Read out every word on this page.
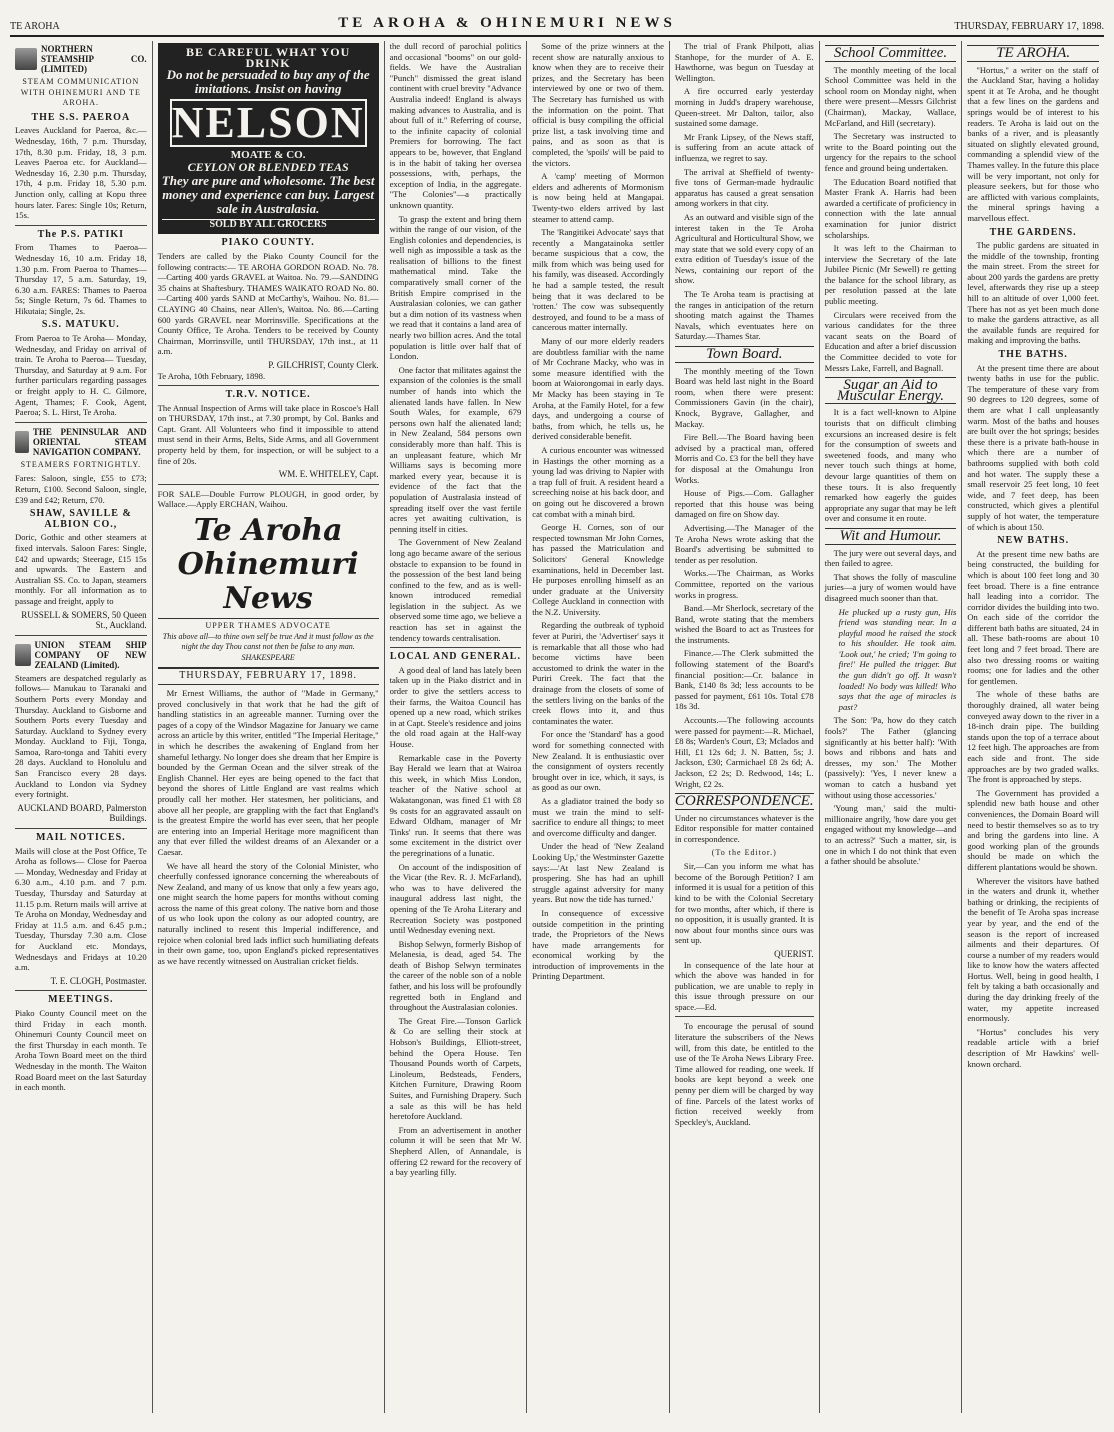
TE AROHA	TE AROHA & OHINEMURI NEWS	THURSDAY, FEBRUARY 17, 1898.
NORTHERN STEAMSHIP CO. (LIMITED)
STEAM COMMUNICATION WITH OHINEMURI AND TE AROHA.
THE S.S. PAEROA

Leaves Auckland for Paeroa, &c.— Wednesday, 16th, 7 p.m. Thursday, 17th, 8.30 p.m. Friday, 18, 3 p.m. Leaves Paeroa etc. for Auckland— Wednesday 16, 2.30 p.m. Thursday, 17th, 4 p.m. Friday 18, 5.30 p.m. Junction only, calling at Kopu three hours later. Fares: Single 10s; Return, 15s.

The P.S. PATIKI

From Thames to Paeroa— Wednesday 16, 10 a.m. Friday 18, 1.30 p.m. From Paeroa to Thames— Thursday 17, 5 a.m. Saturday, 19, 6.30 a.m. FARES: Thames to Paeroa 5s; Single Return, 7s 6d. Thames to Hikutaia; Single, 2s.

S.S. MATUKU.

From Paeroa to Te Aroha— Monday, Wednesday, and Friday on arrival of train. Te Aroha to Paeroa— Tuesday, Thursday, and Saturday at 9 a.m. For further particulars regarding passages or freight apply to H. C. Gilmore, Agent, Thames; F. Cook, Agent, Paeroa; S. L. Hirst, Te Aroha.

THE PENINSULAR AND ORIENTAL STEAM NAVIGATION COMPANY.
STEAMERS FORTNIGHTLY.

Fares: Saloon, single, £55 to £73; Return, £100. Second Saloon, single, £39 and £42; Return, £70.

SHAW, SAVILLE & ALBION CO.,

Doric, Gothic and other steamers at fixed intervals. Saloon Fares: Single, £42 and upwards; Steerage, £15 15s and upwards. The Eastern and Australian SS. Co. to Japan, steamers monthly. For all information as to passage and freight, apply to

RUSSELL & SOMERS, 50 Queen St., Auckland.
UNION STEAM SHIP COMPANY OF NEW ZEALAND (Limited).

Steamers are despatched regularly as follows— Manukau to Taranaki and Southern Ports every Monday and Thursday. Auckland to Gisborne and Southern Ports every Tuesday and Saturday. Auckland to Sydney every Monday. Auckland to Fiji, Tonga, Samoa, Raro-tonga and Tahiti every 28 days. Auckland to Honolulu and San Francisco every 28 days. Auckland to London via Sydney every fortnight.

AUCKLAND BOARD, Palmerston Buildings.
MAIL NOTICES.

Mails will close at the Post Office, Te Aroha as follows— Close for Paeroa— Monday, Wednesday and Friday at 6.30 a.m., 4.10 p.m. and 7 p.m. Tuesday, Thursday and Saturday at 11.15 p.m. Return mails will arrive at Te Aroha on Monday, Wednesday and Friday at 11.5 a.m. and 6.45 p.m.; Tuesday, Thursday 7.30 a.m. Close for Auckland etc. Mondays, Wednesdays and Fridays at 10.20 a.m.

T. E. CLOGH, Postmaster.
MEETINGS.

Piako County Council meet on the third Friday in each month. Ohinemuri County Council meet on the first Thursday in each month. Te Aroha Town Board meet on the third Wednesday in the month. The Waiton Road Board meet on the last Saturday in each month.

BE CAREFUL WHAT YOU DRINK
Do not be persuaded to buy any of the imitations. Insist on having
NELSON
MOATE & CO.
CEYLON OR BLENDED TEAS
They are pure and wholesome. The best money and experience can buy. Largest sale in Australasia.
SOLD BY ALL GROCERS
PIAKO COUNTY.

Tenders are called by the Piako County Council for the following contracts:— TE AROHA GORDON ROAD. No. 78.—Carting 400 yards GRAVEL at Waitoa. No. 79.—SANDING 35 chains at Shaftesbury. THAMES WAIKATO ROAD No. 80.—Carting 400 yards SAND at McCarthy's, Waihou. No. 81.—CLAYING 40 Chains, near Allen's, Waitoa. No. 86.—Carting 600 yards GRAVEL near Morrinsville. Specifications at the County Office, Te Aroha. Tenders to be received by County Chairman, Morrinsville, until THURSDAY, 17th inst., at 11 a.m.

P. GILCHRIST, County Clerk.

Te Aroha, 10th February, 1898.

T.R.V. NOTICE.

The Annual Inspection of Arms will take place in Roscoe's Hall on THURSDAY, 17th inst., at 7.30 prompt, by Col. Banks and Capt. Grant. All Volunteers who find it impossible to attend must send in their Arms, Belts, Side Arms, and all Government property held by them, for inspection, or will be subject to a fine of 20s.

WM. E. WHITELEY, Capt.

FOR SALE—Double Furrow PLOUGH, in good order, by Wallace.—Apply ERCHAN, Waihou.

Te Aroha
Ohinemuri News
UPPER THAMES ADVOCATE
This above all—to thine own self be true And it must follow as the night the day Thou canst not then be false to any man. SHAKESPEARE
THURSDAY, FEBRUARY 17, 1898.

Mr Ernest Williams, the author of "Made in Germany," proved conclusively in that work that he had the gift of handling statistics in an agreeable manner. Turning over the pages of a copy of the Windsor Magazine for January we came across an article by this writer, entitled "The Imperial Heritage," in which he describes the awakening of England from her shameful lethargy. No longer does she dream that her Empire is bounded by the German Ocean and the silver streak of the English Channel. Her eyes are being opened to the fact that beyond the shores of Little England are vast realms which proudly call her mother. Her statesmen, her politicians, and above all her people, are grappling with the fact that England's is the greatest Empire the world has ever seen, that her people are entering into an Imperial Heritage more magnificent than any that ever filled the wildest dreams of an Alexander or a Caesar.

We have all heard the story of the Colonial Minister, who cheerfully confessed ignorance concerning the whereabouts of New Zealand, and many of us know that only a few years ago, one might search the home papers for months without coming across the name of this great colony. The native born and those of us who look upon the colony as our adopted country, are naturally inclined to resent this Imperial indifference, and rejoice when colonial bred lads inflict such humiliating defeats in their own game, too, upon England's picked representatives as we have recently witnessed on Australian cricket fields.

the dull record of parochial politics and occasional "booms" on our gold-fields. We have the Australian "Punch" dismissed the great island continent with cruel brevity "Advance Australia indeed! England is always making advances to Australia, and is about full of it." Referring of course, to the infinite capacity of colonial Premiers for borrowing. The fact appears to be, however, that England is in the habit of taking her oversea possessions, with, perhaps, the exception of India, in the aggregate. "The Colonies"—a practically unknown quantity.

To grasp the extent and bring them within the range of our vision, of the English colonies and dependencies, is well nigh as impossible a task as the realisation of billions to the finest mathematical mind. Take the comparatively small corner of the British Empire comprised in the Australasian colonies, we can gather but a dim notion of its vastness when we read that it contains a land area of nearly two billion acres. And the total population is little over half that of London.

One factor that militates against the expansion of the colonies is the small number of hands into which the alienated lands have fallen. In New South Wales, for example, 679 persons own half the alienated land; in New Zealand, 584 persons own considerably more than half. This is an unpleasant feature, which Mr Williams says is becoming more marked every year, because it is evidence of the fact that the population of Australasia instead of spreading itself over the vast fertile acres yet awaiting cultivation, is penning itself in cities.

The Government of New Zealand long ago became aware of the serious obstacle to expansion to be found in the possession of the best land being confined to the few, and as is well-known introduced remedial legislation in the subject. As we observed some time ago, we believe a reaction has set in against the tendency towards centralisation.

LOCAL AND GENERAL.

A good deal of land has lately been taken up in the Piako district and in order to give the settlers access to their farms, the Waitoa Council has opened up a new road, which strikes in at Capt. Steele's residence and joins the old road again at the Half-way House.

Remarkable case in the Poverty Bay Herald we learn that at Wairoa this week, in which Miss London, teacher of the Native school at Wakatangonan, was fined £1 with £8 9s costs for an aggravated assault on Edward Oldham, manager of Mr Tinks' run. It seems that there was some excitement in the district over the peregrinations of a lunatic.

On account of the indisposition of the Vicar (the Rev. R. J. McFarland), who was to have delivered the inaugural address last night, the opening of the Te Aroha Literary and Recreation Society was postponed until Wednesday evening next.

Bishop Selwyn, formerly Bishop of Melanesia, is dead, aged 54. The death of Bishop Selwyn terminates the career of the noble son of a noble father, and his loss will be profoundly regretted both in England and throughout the Australasian colonies.

The Great Fire.—Tonson Garlick & Co are selling their stock at Hobson's Buildings, Elliott-street, behind the Opera House. Ten Thousand Pounds worth of Carpets, Linoleum, Bedsteads, Fenders, Kitchen Furniture, Drawing Room Suites, and Furnishing Drapery. Such a sale as this will be has held heretofore Auckland.

From an advertisement in another column it will be seen that Mr W. Shepherd Allen, of Annandale, is offering £2 reward for the recovery of a bay yearling filly.

Some of the prize winners at the recent show are naturally anxious to know when they are to receive their prizes, and the Secretary has been interviewed by one or two of them. The Secretary has furnished us with the information on the point. That official is busy compiling the official prize list, a task involving time and pains, and as soon as that is completed, the 'spoils' will be paid to the victors.

A 'camp' meeting of Mormon elders and adherents of Mormonism is now being held at Mangapai. Twenty-two elders arrived by last steamer to attend camp.

The 'Rangitikei Advocate' says that recently a Mangatainoka settler became suspicious that a cow, the milk from which was being used for his family, was diseased. Accordingly he had a sample tested, the result being that it was declared to be 'rotten.' The cow was subsequently destroyed, and found to be a mass of cancerous matter internally.

Many of our more elderly readers are doubtless familiar with the name of Mr Cochrane Macky, who was in some measure identified with the boom at Waiorongomai in early days. Mr Macky has been staying in Te Aroha, at the Family Hotel, for a few days, and undergoing a course of baths, from which, he tells us, he derived considerable benefit.

A curious encounter was witnessed in Hastings the other morning as a young lad was driving to Napier with a trap full of fruit. A resident heard a screeching noise at his back door, and on going out he discovered a brown cat combat with a minah bird.

George H. Cornes, son of our respected townsman Mr John Cornes, has passed the Matriculation and Solicitors' General Knowledge examinations, held in December last. He purposes enrolling himself as an under graduate at the University College Auckland in connection with the N.Z. University.

Regarding the outbreak of typhoid fever at Puriri, the 'Advertiser' says it is remarkable that all those who had become victims have been accustomed to drink the water in the Puriri Creek. The fact that the drainage from the closets of some of the settlers living on the banks of the creek flows into it, and thus contaminates the water.

For once the 'Standard' has a good word for something connected with New Zealand. It is enthusiastic over the consignment of oysters recently brought over in ice, which, it says, is as good as our own.

As a gladiator trained the body so must we train the mind to self-sacrifice to endure all things; to meet and overcome difficulty and danger.

Under the head of 'New Zealand Looking Up,' the Westminster Gazette says:—'At last New Zealand is prospering. She has had an uphill struggle against adversity for many years. But now the tide has turned.'

In consequence of excessive outside competition in the printing trade, the Proprietors of the News have made arrangements for economical working by the introduction of improvements in the Printing Department.

The trial of Frank Philpott, alias Stanhope, for the murder of A. E. Hawthorne, was begun on Tuesday at Wellington.

A fire occurred early yesterday morning in Judd's drapery warehouse, Queen-street. Mr Dalton, tailor, also sustained some damage.

Mr Frank Lipsey, of the News staff, is suffering from an acute attack of influenza, we regret to say.

The arrival at Sheffield of twenty-five tons of German-made hydraulic apparatus has caused a great sensation among workers in that city.

As an outward and visible sign of the interest taken in the Te Aroha Agricultural and Horticultural Show, we may state that we sold every copy of an extra edition of Tuesday's issue of the News, containing our report of the show.

The Te Aroha team is practising at the ranges in anticipation of the return shooting match against the Thames Navals, which eventuates here on Saturday.—Thames Star.

Town Board.

The monthly meeting of the Town Board was held last night in the Board room, when there were present: Commissioners Gavin (in the chair), Knock, Bygrave, Gallagher, and Mackay.

Fire Bell.—The Board having been advised by a practical man, offered Morris and Co. £3 for the bell they have for disposal at the Omahungu Iron Works.

House of Pigs.—Com. Gallagher reported that this house was being damaged on fire on Show day.

Advertising.—The Manager of the Te Aroha News wrote asking that the Board's advertising be submitted to tender as per resolution.

Works.—The Chairman, as Works Committee, reported on the various works in progress.

Band.—Mr Sherlock, secretary of the Band, wrote stating that the members wished the Board to act as Trustees for the instruments.

Finance.—The Clerk submitted the following statement of the Board's financial position:—Cr. balance in Bank, £140 8s 3d; less accounts to be passed for payment, £61 10s. Total £78 18s 3d.

Accounts.—The following accounts were passed for payment:—R. Michael, £8 8s; Warden's Court, £3; Mclados and Hill, £1 12s 6d; J. N. Batten, 5s; J. Jackson, £30; Carmichael £8 2s 6d; A. Jackson, £2 2s; D. Redwood, 14s; L. Wright, £2 2s.

CORRESPONDENCE.

Under no circumstances whatever is the Editor responsible for matter contained in correspondence.

(To the Editor.)

Sir,—Can you inform me what has become of the Borough Petition? I am informed it is usual for a petition of this kind to be with the Colonial Secretary for two months, after which, if there is no opposition, it is usually granted. It is now about four months since ours was sent up.

QUERIST.

In consequence of the late hour at which the above was handed in for publication, we are unable to reply in this issue through pressure on our space.—Ed.

To encourage the perusal of sound literature the subscribers of the News will, from this date, be entitled to the use of the Te Aroha News Library Free. Time allowed for reading, one week. If books are kept beyond a week one penny per diem will be charged by way of fine. Parcels of the latest works of fiction received weekly from Speckley's, Auckland.

School Committee.

The monthly meeting of the local School Committee was held in the school room on Monday night, when there were present—Messrs Gilchrist (Chairman), Mackay, Wallace, McFarland, and Hill (secretary).

The Secretary was instructed to write to the Board pointing out the urgency for the repairs to the school fence and ground being undertaken.

The Education Board notified that Master Frank A. Harris had been awarded a certificate of proficiency in connection with the late annual examination for junior district scholarships.

It was left to the Chairman to interview the Secretary of the late Jubilee Picnic (Mr Sewell) re getting the balance for the school library, as per resolution passed at the late public meeting.

Circulars were received from the various candidates for the three vacant seats on the Board of Education and after a brief discussion the Committee decided to vote for Messrs Lake, Farrell, and Bagnall.

Sugar an Aid to Muscular Energy.

It is a fact well-known to Alpine tourists that on difficult climbing excursions an increased desire is felt for the consumption of sweets and sweetened foods, and many who never touch such things at home, devour large quantities of them on these tours. It is also frequently remarked how eagerly the guides appropriate any sugar that may be left over and consume it en route.

Wit and Humour.

The jury were out several days, and then failed to agree.

That shows the folly of masculine juries—a jury of women would have disagreed much sooner than that.

He plucked up a rusty gun, His friend was standing near. In a playful mood he raised the stock to his shoulder. He took aim. 'Look out,' he cried; 'I'm going to fire!' He pulled the trigger. But the gun didn't go off. It wasn't loaded! No body was killed! Who says that the age of miracles is past?

The Son: 'Pa, how do they catch fools?' The Father (glancing significantly at his better half): 'With bows and ribbons and hats and dresses, my son.' The Mother (passively): 'Yes, I never knew a woman to catch a husband yet without using those accessories.'

'Young man,' said the multi-millionaire angrily, 'how dare you get engaged without my knowledge—and to an actress?' 'Such a matter, sir, is one in which I do not think that even a father should be absolute.'

TE AROHA.

"Hortus," a writer on the staff of the Auckland Star, having a holiday spent it at Te Aroha, and he thought that a few lines on the gardens and springs would be of interest to his readers. Te Aroha is laid out on the banks of a river, and is pleasantly situated on slightly elevated ground, commanding a splendid view of the Thames valley. In the future this place will be very important, not only for pleasure seekers, but for those who are afflicted with various complaints, the mineral springs having a marvellous effect.

THE GARDENS.

The public gardens are situated in the middle of the township, fronting the main street. From the street for about 200 yards the gardens are pretty level, afterwards they rise up a steep hill to an altitude of over 1,000 feet. There has not as yet been much done to make the gardens attractive, as all the available funds are required for making and improving the baths.

THE BATHS.

At the present time there are about twenty baths in use for the public. The temperature of these vary from 90 degrees to 120 degrees, some of them are what I call unpleasantly warm. Most of the baths and houses are built over the hot springs; besides these there is a private bath-house in which there are a number of bathrooms supplied with both cold and hot water. The supply these a small reservoir 25 feet long, 10 feet wide, and 7 feet deep, has been constructed, which gives a plentiful supply of hot water, the temperature of which is about 150.

NEW BATHS.

At the present time new baths are being constructed, the building for which is about 100 feet long and 30 feet broad. There is a fine entrance hall leading into a corridor. The corridor divides the building into two. On each side of the corridor the different bath baths are situated, 24 in all. These bath-rooms are about 10 feet long and 7 feet broad. There are also two dressing rooms or waiting rooms; one for ladies and the other for gentlemen.

The whole of these baths are thoroughly drained, all water being conveyed away down to the river in a 18-inch drain pipe. The building stands upon the top of a terrace about 12 feet high. The approaches are from each side and front. The side approaches are by two graded walks. The front is approached by steps.

The Government has provided a splendid new bath house and other conveniences, the Domain Board will need to bestir themselves so as to try and bring the gardens into line. A good working plan of the grounds should be made on which the different plantations would be shown.

Wherever the visitors have bathed in the waters and drunk it, whether bathing or drinking, the recipients of the benefit of Te Aroha spas increase year by year, and the end of the season is the report of increased ailments and their departures. Of course a number of my readers would like to know how the waters affected Hortus. Well, being in good health, I felt by taking a bath occasionally and during the day drinking freely of the water, my appetite increased enormously.

"Hortus" concludes his very readable article with a brief description of Mr Hawkins' well-known orchard.
